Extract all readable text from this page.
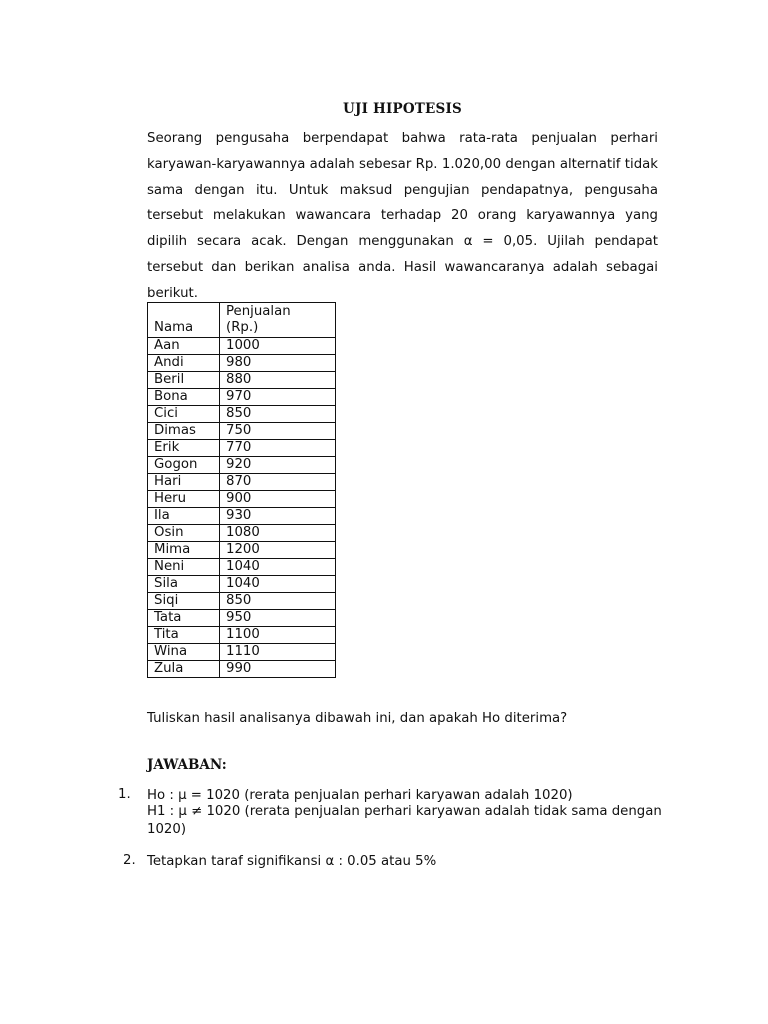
UJI HIPOTESIS

Seorang pengusaha berpendapat bahwa rata-rata penjualan perhari karyawan-karyawannya adalah sebesar Rp. 1.020,00 dengan alternatif tidak sama dengan itu. Untuk maksud pengujian pendapatnya, pengusaha tersebut melakukan wawancara terhadap 20 orang karyawannya yang dipilih secara acak. Dengan menggunakan α = 0,05. Ujilah pendapat tersebut dan berikan analisa anda. Hasil wawancaranya adalah sebagai berikut.

Nama	Penjualan
(Rp.)
Aan	1000
Andi	980
Beril	880
Bona	970
Cici	850
Dimas	750
Erik	770
Gogon	920
Hari	870
Heru	900
Ila	930
Osin	1080
Mima	1200
Neni	1040
Sila	1040
Siqi	850
Tata	950
Tita	1100
Wina	1110
Zula	990

Tuliskan hasil analisanya dibawah ini, dan apakah Ho diterima?

JAWABAN:

1. Ho : μ = 1020 (rerata penjualan perhari karyawan adalah 1020)

H1 : μ ≠ 1020 (rerata penjualan perhari karyawan adalah tidak sama dengan 1020)

2. Tetapkan taraf signifikansi α : 0.05 atau 5%
